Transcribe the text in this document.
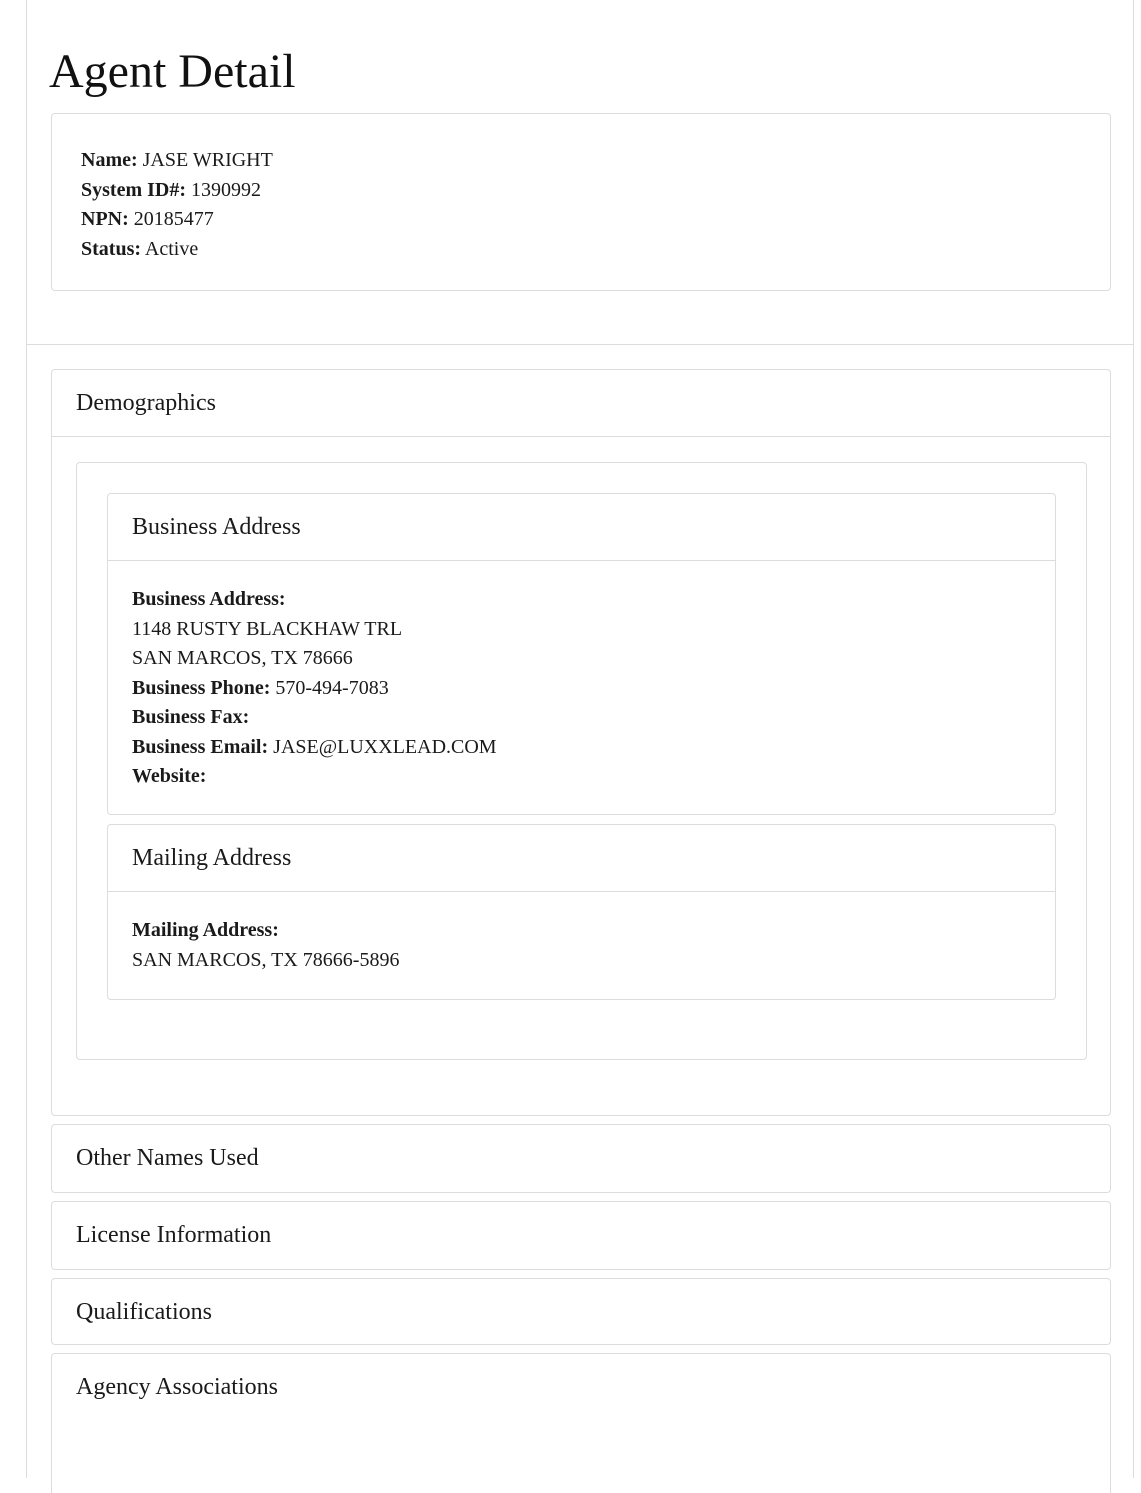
Agent Detail
Name: JASE WRIGHT
System ID#: 1390992
NPN: 20185477
Status: Active
Demographics
Business Address
Business Address:
1148 RUSTY BLACKHAW TRL
SAN MARCOS, TX 78666
Business Phone: 570-494-7083
Business Fax:
Business Email: JASE@LUXXLEAD.COM
Website:
Mailing Address
Mailing Address:
SAN MARCOS, TX 78666-5896
Other Names Used
License Information
Qualifications
Agency Associations
